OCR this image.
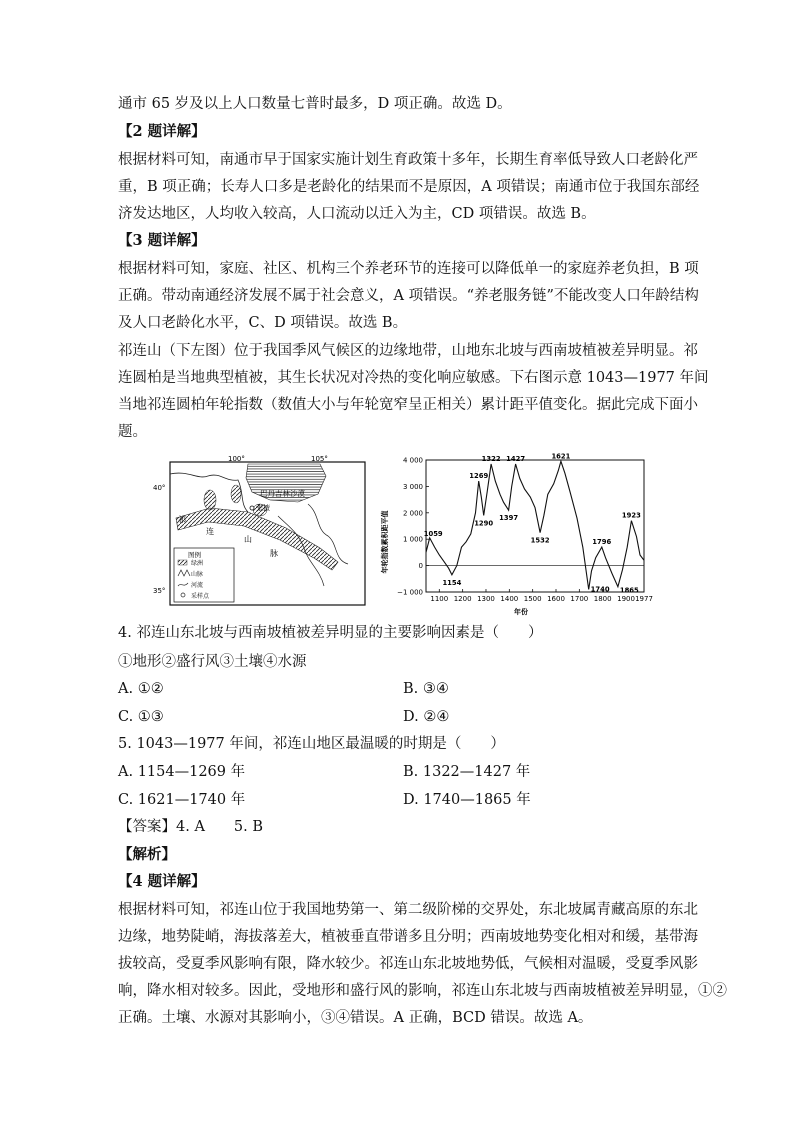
通市 65 岁及以上人口数量七普时最多，D 项正确。故选 D。
【2 题详解】
根据材料可知，南通市早于国家实施计划生育政策十多年，长期生育率低导致人口老龄化严
重，B 项正确；长寿人口多是老龄化的结果而不是原因，A 项错误；南通市位于我国东部经
济发达地区，人均收入较高，人口流动以迁入为主，CD 项错误。故选 B。
【3 题详解】
根据材料可知，家庭、社区、机构三个养老环节的连接可以降低单一的家庭养老负担，B 项
正确。带动南通经济发展不属于社会意义，A 项错误。“养老服务链”不能改变人口年龄结构
及人口老龄化水平，C、D 项错误。故选 B。
祁连山（下左图）位于我国季风气候区的边缘地带，山地东北坡与西南坡植被差异明显。祁
连圆柏是当地典型植被，其生长状况对冷热的变化响应敏感。下右图示意 1043—1977 年间
当地祁连圆柏年轮指数（数值大小与年轮宽窄呈正相关）累计距平值变化。据此完成下面小
题。
100°	105°
40°
35°
巴丹吉林沙漠
张掖
祁
连
山
脉
图例
绿洲
山脉
河流
采样点
4 000
3 000
2 000
1 000
0
−1 000
1100 1200 1300 1400 1500 1600 1700 1800 1900 1977
1059
1154
1269
1290
1322
1397
1427
1532
1621
1740
1796
1865
1923
年份
年轮指数累积距平值
4. 祁连山东北坡与西南坡植被差异明显的主要影响因素是（　　）
①地形②盛行风③土壤④水源
A. ①②	B. ③④
C. ①③	D. ②④
5. 1043—1977 年间，祁连山地区最温暖的时期是（　　）
A. 1154—1269 年	B. 1322—1427 年
C. 1621—1740 年	D. 1740—1865 年
【答案】4. A　　5. B
【解析】
【4 题详解】
根据材料可知，祁连山位于我国地势第一、第二级阶梯的交界处，东北坡属青藏高原的东北
边缘，地势陡峭，海拔落差大，植被垂直带谱多且分明；西南坡地势变化相对和缓，基带海
拔较高，受夏季风影响有限，降水较少。祁连山东北坡地势低，气候相对温暖，受夏季风影
响，降水相对较多。因此，受地形和盛行风的影响，祁连山东北坡与西南坡植被差异明显，①②
正确。土壤、水源对其影响小，③④错误。A 正确，BCD 错误。故选 A。
